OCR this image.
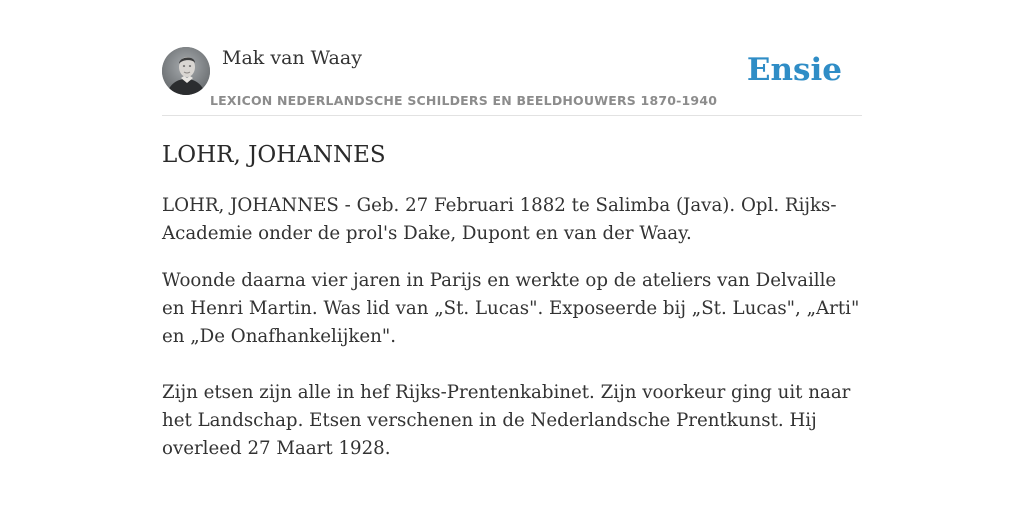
Mak van Waay
LEXICON NEDERLANDSCHE SCHILDERS EN BEELDHOUWERS 1870-1940
Ensie
LOHR, JOHANNES

LOHR, JOHANNES - Geb. 27 Februari 1882 te Salimba (Java). Opl. Rijks-Academie onder de prol's Dake, Dupont en van der Waay.

Woonde daarna vier jaren in Parijs en werkte op de ateliers van Delvaille en Henri Martin. Was lid van „St. Lucas". Exposeerde bij „St. Lucas", „Arti" en „De Onafhankelijken".

Zijn etsen zijn alle in hef Rijks-Prentenkabinet. Zijn voorkeur ging uit naar het Landschap. Etsen verschenen in de Nederlandsche Prentkunst. Hij overleed 27 Maart 1928.
